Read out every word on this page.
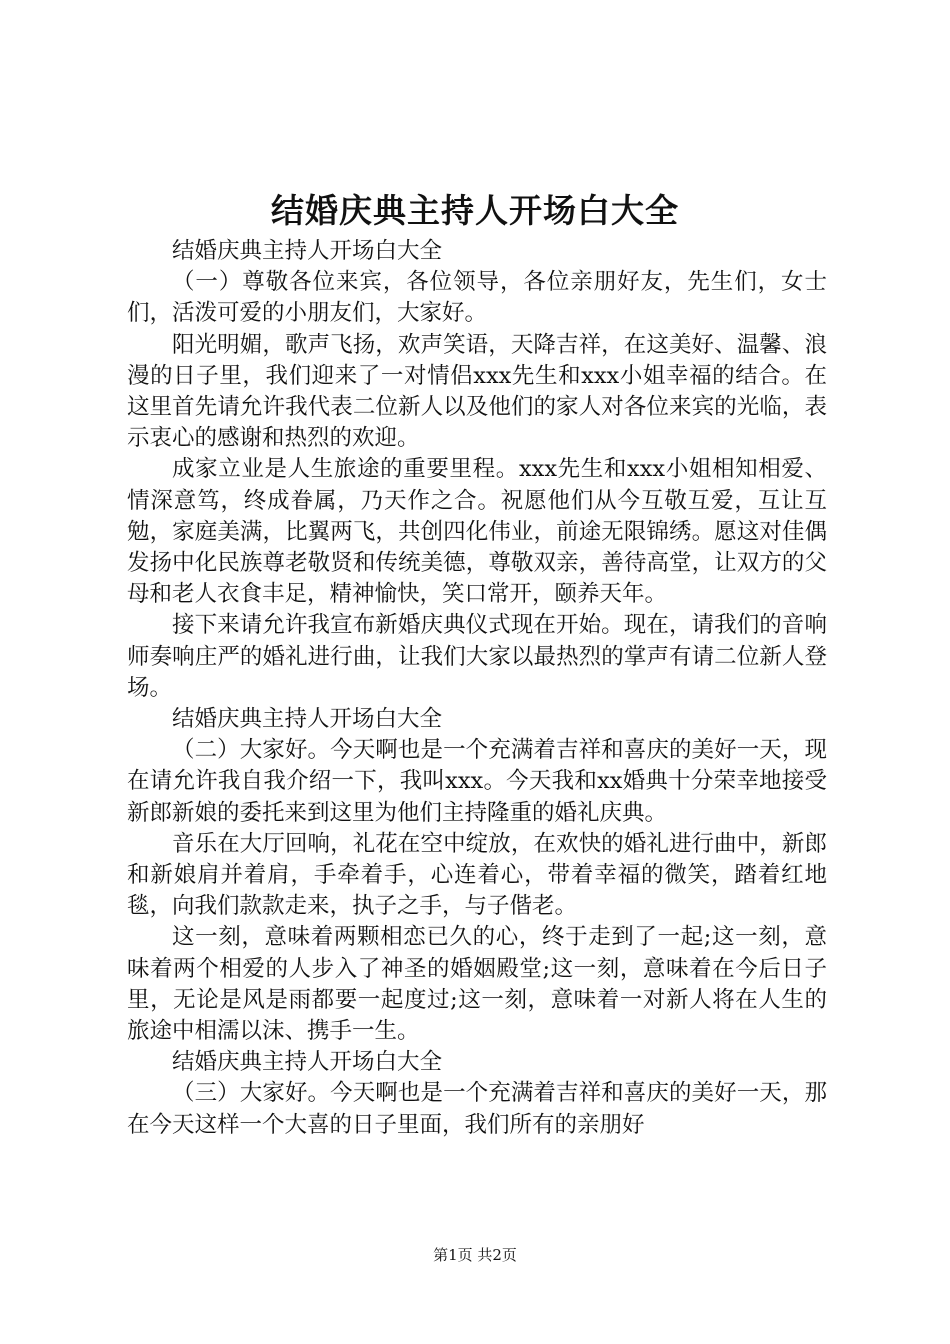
结婚庆典主持人开场白大全

结婚庆典主持人开场白大全

（一）尊敬各位来宾，各位领导，各位亲朋好友，先生们，女士们，活泼可爱的小朋友们，大家好。

阳光明媚，歌声飞扬，欢声笑语，天降吉祥，在这美好、温馨、浪漫的日子里，我们迎来了一对情侣xxx先生和xxx小姐幸福的结合。在这里首先请允许我代表二位新人以及他们的家人对各位来宾的光临，表示衷心的感谢和热烈的欢迎。

成家立业是人生旅途的重要里程。xxx先生和xxx小姐相知相爱、情深意笃，终成眷属，乃天作之合。祝愿他们从今互敬互爱，互让互勉，家庭美满，比翼两飞，共创四化伟业，前途无限锦绣。愿这对佳偶发扬中化民族尊老敬贤和传统美德，尊敬双亲，善待高堂，让双方的父母和老人衣食丰足，精神愉快，笑口常开，颐养天年。

接下来请允许我宣布新婚庆典仪式现在开始。现在，请我们的音响师奏响庄严的婚礼进行曲，让我们大家以最热烈的掌声有请二位新人登场。

结婚庆典主持人开场白大全

（二）大家好。今天啊也是一个充满着吉祥和喜庆的美好一天，现在请允许我自我介绍一下，我叫xxx。今天我和xx婚典十分荣幸地接受新郎新娘的委托来到这里为他们主持隆重的婚礼庆典。

音乐在大厅回响，礼花在空中绽放，在欢快的婚礼进行曲中，新郎和新娘肩并着肩，手牵着手，心连着心，带着幸福的微笑，踏着红地毯，向我们款款走来，执子之手，与子偕老。

这一刻，意味着两颗相恋已久的心，终于走到了一起;这一刻，意味着两个相爱的人步入了神圣的婚姻殿堂;这一刻，意味着在今后日子里，无论是风是雨都要一起度过;这一刻，意味着一对新人将在人生的旅途中相濡以沫、携手一生。

结婚庆典主持人开场白大全

（三）大家好。今天啊也是一个充满着吉祥和喜庆的美好一天，那在今天这样一个大喜的日子里面，我们所有的亲朋好

第1页 共2页
